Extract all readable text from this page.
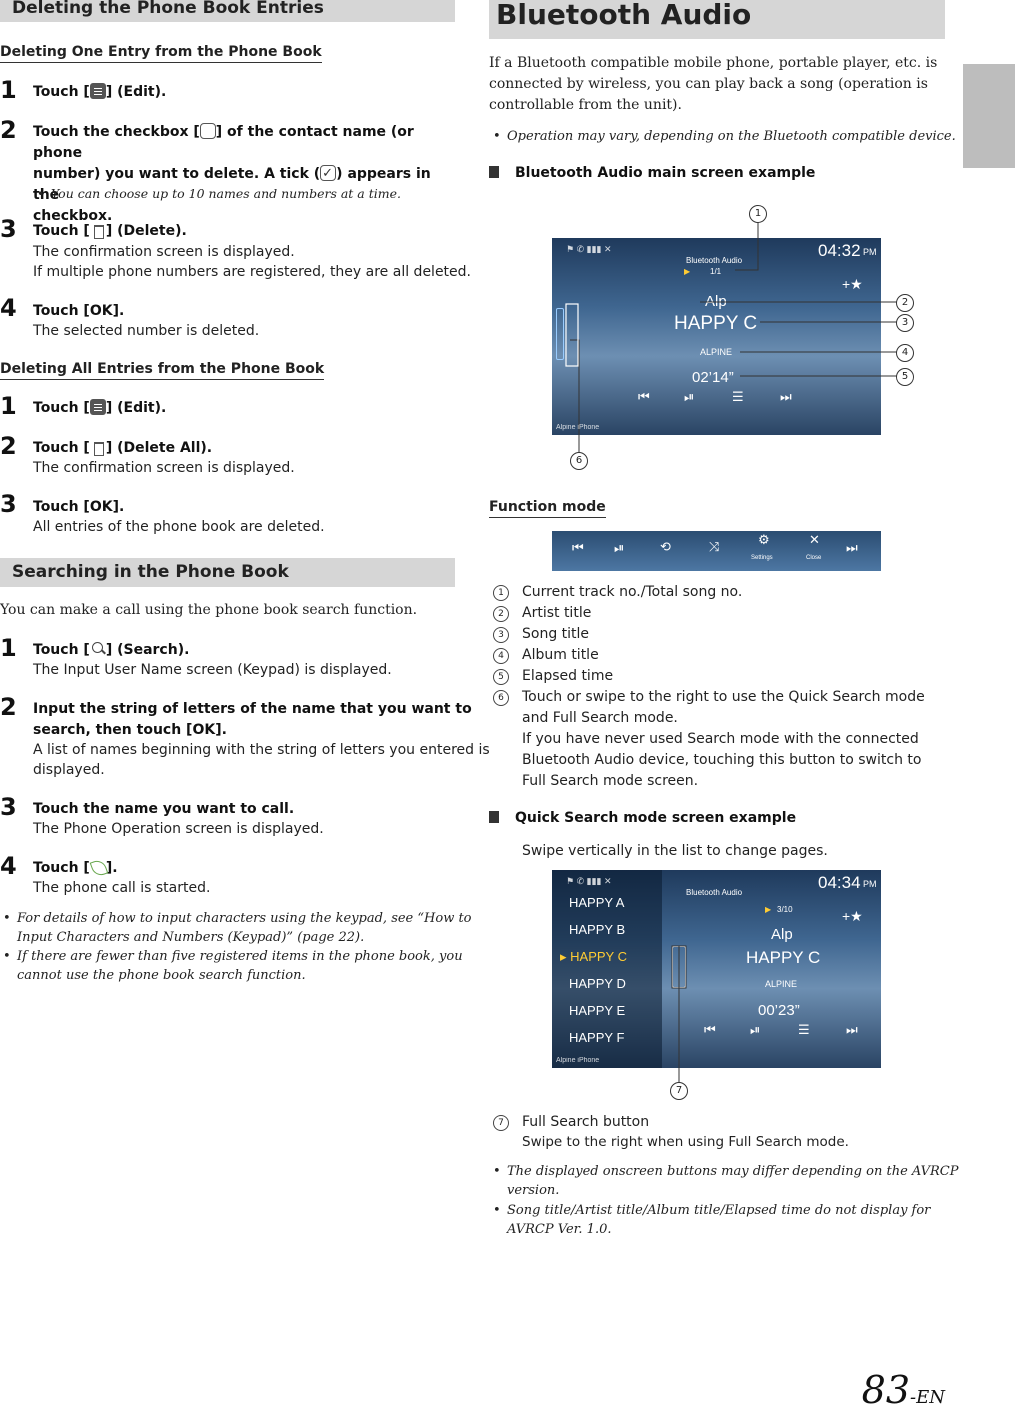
Deleting the Phone Book Entries
Deleting One Entry from the Phone Book
1 Touch [ ] (Edit).
2 Touch the checkbox [ ] of the contact name (or phone
number) you want to delete. A tick (✓ ) appears in the
checkbox.
• You can choose up to 10 names and numbers at a time.
3 Touch [ ] (Delete).
The confirmation screen is displayed.
If multiple phone numbers are registered, they are all deleted.
4 Touch [OK].
The selected number is deleted.
Deleting All Entries from the Phone Book
1 Touch [ ] (Edit).
2 Touch [ ] (Delete All).
The confirmation screen is displayed.
3 Touch [OK].
All entries of the phone book are deleted.
Searching in the Phone Book
You can make a call using the phone book search function.
1 Touch [ ] (Search).
The Input User Name screen (Keypad) is displayed.
2 Input the string of letters of the name that you want to
search, then touch [OK].
A list of names beginning with the string of letters you entered is
displayed.
3 Touch the name you want to call.
The Phone Operation screen is displayed.
4 Touch [ ].
The phone call is started.
• For details of how to input characters using the keypad, see “How to
Input Characters and Numbers (Keypad)” (page 22).
• If there are fewer than five registered items in the phone book, you
cannot use the phone book search function.
Bluetooth Audio
If a Bluetooth compatible mobile phone, portable player, etc. is
connected by wireless, you can play back a song (operation is
controllable from the unit).
• Operation may vary, depending on the Bluetooth compatible device.
Bluetooth Audio main screen example
⚑ ✆ ▮▮▮ ✕
Bluetooth Audio
▶ 1/1
04:32 PM
+★
Alp
HAPPY C
ALPINE
02’14”
⏮	⏯	☰	⏭
Alpine iPhone
1
2
3
4
5
6
Function mode
⏮ ⏯	⟲	⤨	⚙
Settings
✕
Close
⏭
1	Current track no./Total song no.
2	Artist title
3	Song title
4	Album title
5	Elapsed time
6	Touch or swipe to the right to use the Quick Search mode
and Full Search mode.
If you have never used Search mode with the connected
Bluetooth Audio device, touching this button to switch to
Full Search mode screen.
Quick Search mode screen example
Swipe vertically in the list to change pages.
⚑ ✆ ▮▮▮ ✕
HAPPY A
HAPPY B
▸ HAPPY C
HAPPY D
HAPPY E
HAPPY F
Bluetooth Audio
▶ 3/10
04:34 PM
+★
Alp
HAPPY C
ALPINE
00’23”
⏮	⏯	☰	⏭
Alpine iPhone
7
7	Full Search button
Swipe to the right when using Full Search mode.
• The displayed onscreen buttons may differ depending on the AVRCP
version.
• Song title/Artist title/Album title/Elapsed time do not display for
AVRCP Ver. 1.0.
83-EN
